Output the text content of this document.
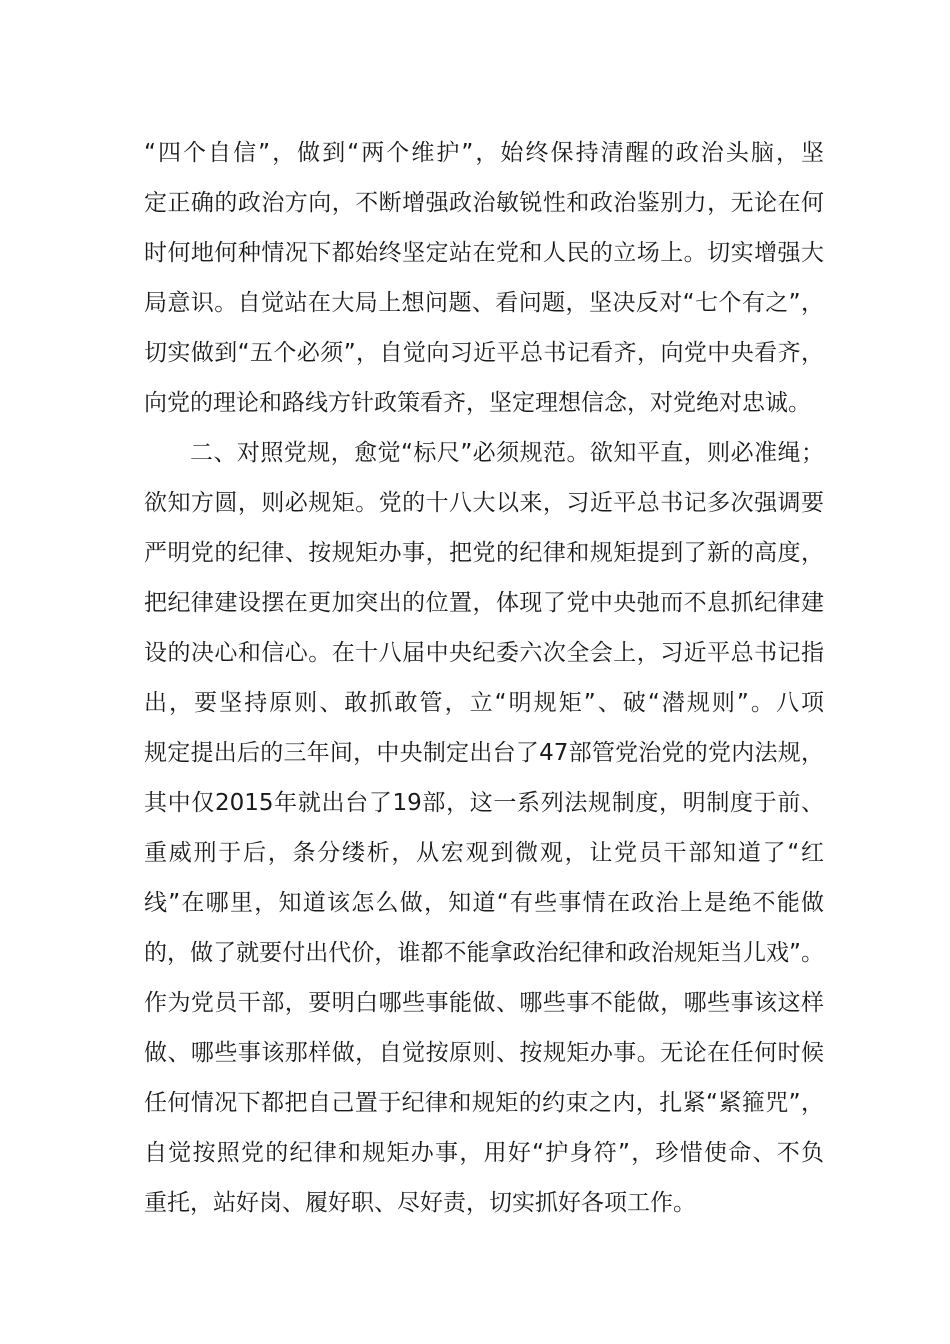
“四个自信”，做到“两个维护”，始终保持清醒的政治头脑，坚
定正确的政治方向，不断增强政治敏锐性和政治鉴别力，无论在何
时何地何种情况下都始终坚定站在党和人民的立场上。切实增强大
局意识。自觉站在大局上想问题、看问题，坚决反对“七个有之”，
切实做到“五个必须”，自觉向习近平总书记看齐，向党中央看齐，
向党的理论和路线方针政策看齐，坚定理想信念，对党绝对忠诚。
二、对照党规，愈觉“标尺”必须规范。欲知平直，则必准绳；
欲知方圆，则必规矩。党的十八大以来，习近平总书记多次强调要
严明党的纪律、按规矩办事，把党的纪律和规矩提到了新的高度，
把纪律建设摆在更加突出的位置，体现了党中央弛而不息抓纪律建
设的决心和信心。在十八届中央纪委六次全会上，习近平总书记指
出，要坚持原则、敢抓敢管，立“明规矩”、破“潜规则”。八项
规定提出后的三年间，中央制定出台了47部管党治党的党内法规，
其中仅2015年就出台了19部，这一系列法规制度，明制度于前、
重威刑于后，条分缕析，从宏观到微观，让党员干部知道了“红
线”在哪里，知道该怎么做，知道“有些事情在政治上是绝不能做
的，做了就要付出代价，谁都不能拿政治纪律和政治规矩当儿戏”。
作为党员干部，要明白哪些事能做、哪些事不能做，哪些事该这样
做、哪些事该那样做，自觉按原则、按规矩办事。无论在任何时候
任何情况下都把自己置于纪律和规矩的约束之内，扎紧“紧箍咒”，
自觉按照党的纪律和规矩办事，用好“护身符”，珍惜使命、不负
重托，站好岗、履好职、尽好责，切实抓好各项工作。
